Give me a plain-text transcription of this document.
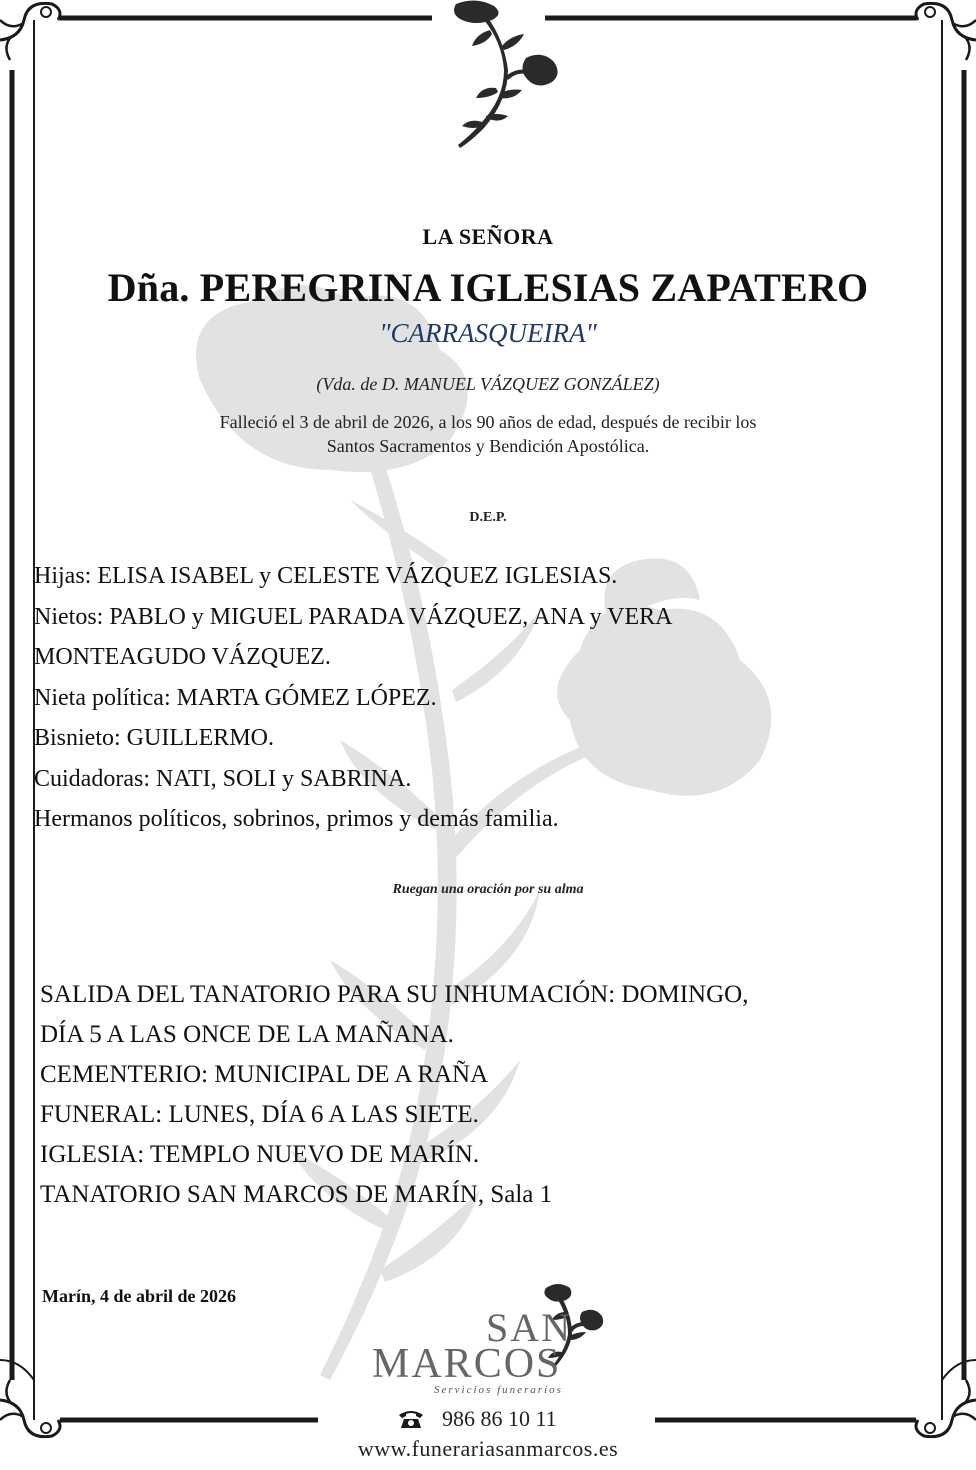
LA SEÑORA
Dña. PEREGRINA IGLESIAS ZAPATERO
"CARRASQUEIRA"
(Vda. de D. MANUEL VÁZQUEZ GONZÁLEZ)
Falleció el 3 de abril de 2026, a los 90 años de edad, después de recibir los
Santos Sacramentos y Bendición Apostólica.
D.E.P.
Hijas: ELISA ISABEL y CELESTE VÁZQUEZ IGLESIAS.
Nietos: PABLO y MIGUEL PARADA VÁZQUEZ, ANA y VERA
MONTEAGUDO VÁZQUEZ.
Nieta política: MARTA GÓMEZ LÓPEZ.
Bisnieto: GUILLERMO.
Cuidadoras: NATI, SOLI y SABRINA.
Hermanos políticos, sobrinos, primos y demás familia.
Ruegan una oración por su alma
SALIDA DEL TANATORIO PARA SU INHUMACIÓN: DOMINGO,
DÍA 5 A LAS ONCE DE LA MAÑANA.
CEMENTERIO: MUNICIPAL DE A RAÑA
FUNERAL: LUNES, DÍA 6 A LAS SIETE.
IGLESIA: TEMPLO NUEVO DE MARÍN.
TANATORIO SAN MARCOS DE MARÍN, Sala 1
Marín, 4 de abril de 2026
SAN
MARCOS
Servicios funerarios
986 86 10 11
www.funerariasanmarcos.es
